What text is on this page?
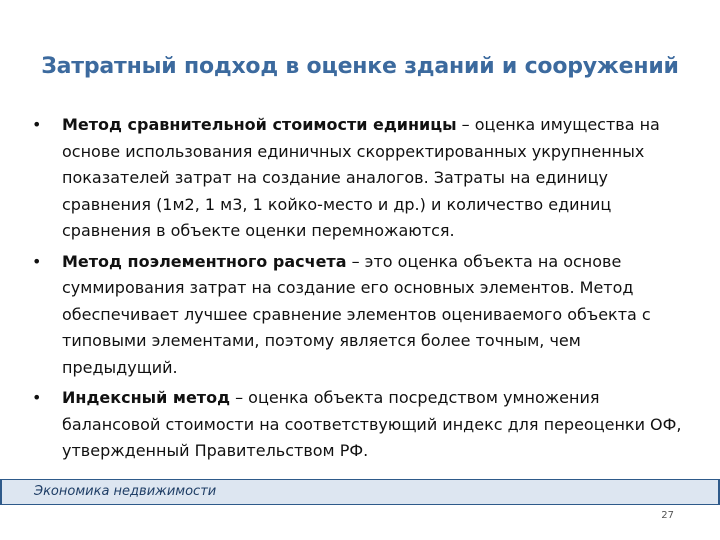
Затратный подход в оценке зданий и сооружений
• Метод сравнительной стоимости единицы – оценка имущества на основе использования единичных скорректированных укрупненных показателей затрат на создание аналогов. Затраты на единицу сравнения (1м2, 1 м3, 1 койко-место и др.) и количество единиц сравнения в объекте оценки перемножаются.
• Метод поэлементного расчета – это оценка объекта на основе суммирования затрат на создание его основных элементов. Метод обеспечивает лучшее сравнение элементов оцениваемого объекта с типовыми элементами, поэтому является более точным, чем предыдущий.
• Индексный метод – оценка объекта посредством умножения балансовой стоимости на соответствующий индекс для переоценки ОФ, утвержденный Правительством РФ.
Экономика недвижимости
27
